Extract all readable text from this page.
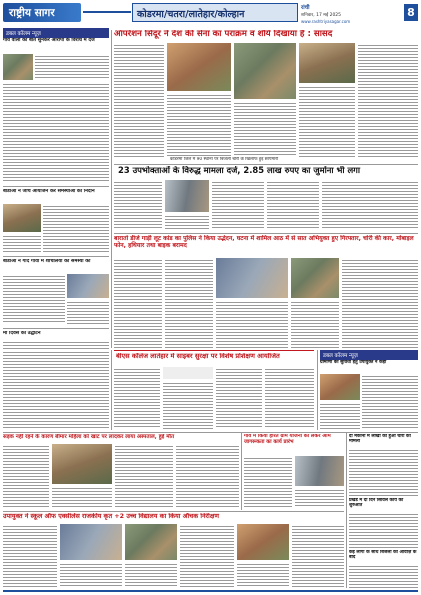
राष्ट्रीय सागर	कोडरमा/चतरा/लातेहार/कोल्हान
रांची
शनिवार, 17 मई 2025
www.rashtriyasagar.com
8
डबल कॉलम न्यूज़
गांव वालों की बात सुनकर आरोपी के विरोध में दर्ज
बीडीओ ने जांच आयोजन कर समस्याओं का निदान
बीडीओ ने गोद गांवों में शौचालयों की समस्या की
मां दिवस का उद्घाटन
ऑपरेशन सिंदूर ने देश की सेना का पराक्रम व शौर्य दिखाया है : सांसद
कोडरमा जिले में 90 स्थानों पर बिजली चोरी के खिलाफ हुई छापेमारी
23 उपभोक्ताओं के विरुद्ध मामला दर्ज, 2.85 लाख रुपए का जुर्माना भी लगा
बारातो डीजे गाड़ी लूट कांड का पुलिस ने किया उद्भेदन, घटना में शामिल आठ में से सात अभियुक्त हुए गिरफ्तार, चोरी की कार, मोबाइल फोन, हथियार तथा बाइक बरामद
बीएस कॉलेज लातेहार में साइबर सुरक्षा पर विशेष प्रशिक्षण आयोजित	डबल कॉलम न्यूज़
ग्रामीणों की सुविधा हेतु उपायुक्त ने कहा
सड़क नहीं रहने के कारण बीमार महिला को खाट पर लादकर लाया अस्पताल, हुई मौत	गांव में किया हरित ग्राम योजना को लेकर आम जागरूकता का कार्य प्रारंभ
दो मकानों में लाखों का हुआ चोरी का मामला
प्रखंड में दो दिन सिविल कार्य की शुरुआत
कई लोगों के साथ बिजली की आवाज़ के बाद
उपायुक्त ने स्कूल ऑफ एक्सीलेंस राजकीय कृत +2 उच्च विद्यालय का किया औचक निरीक्षण
